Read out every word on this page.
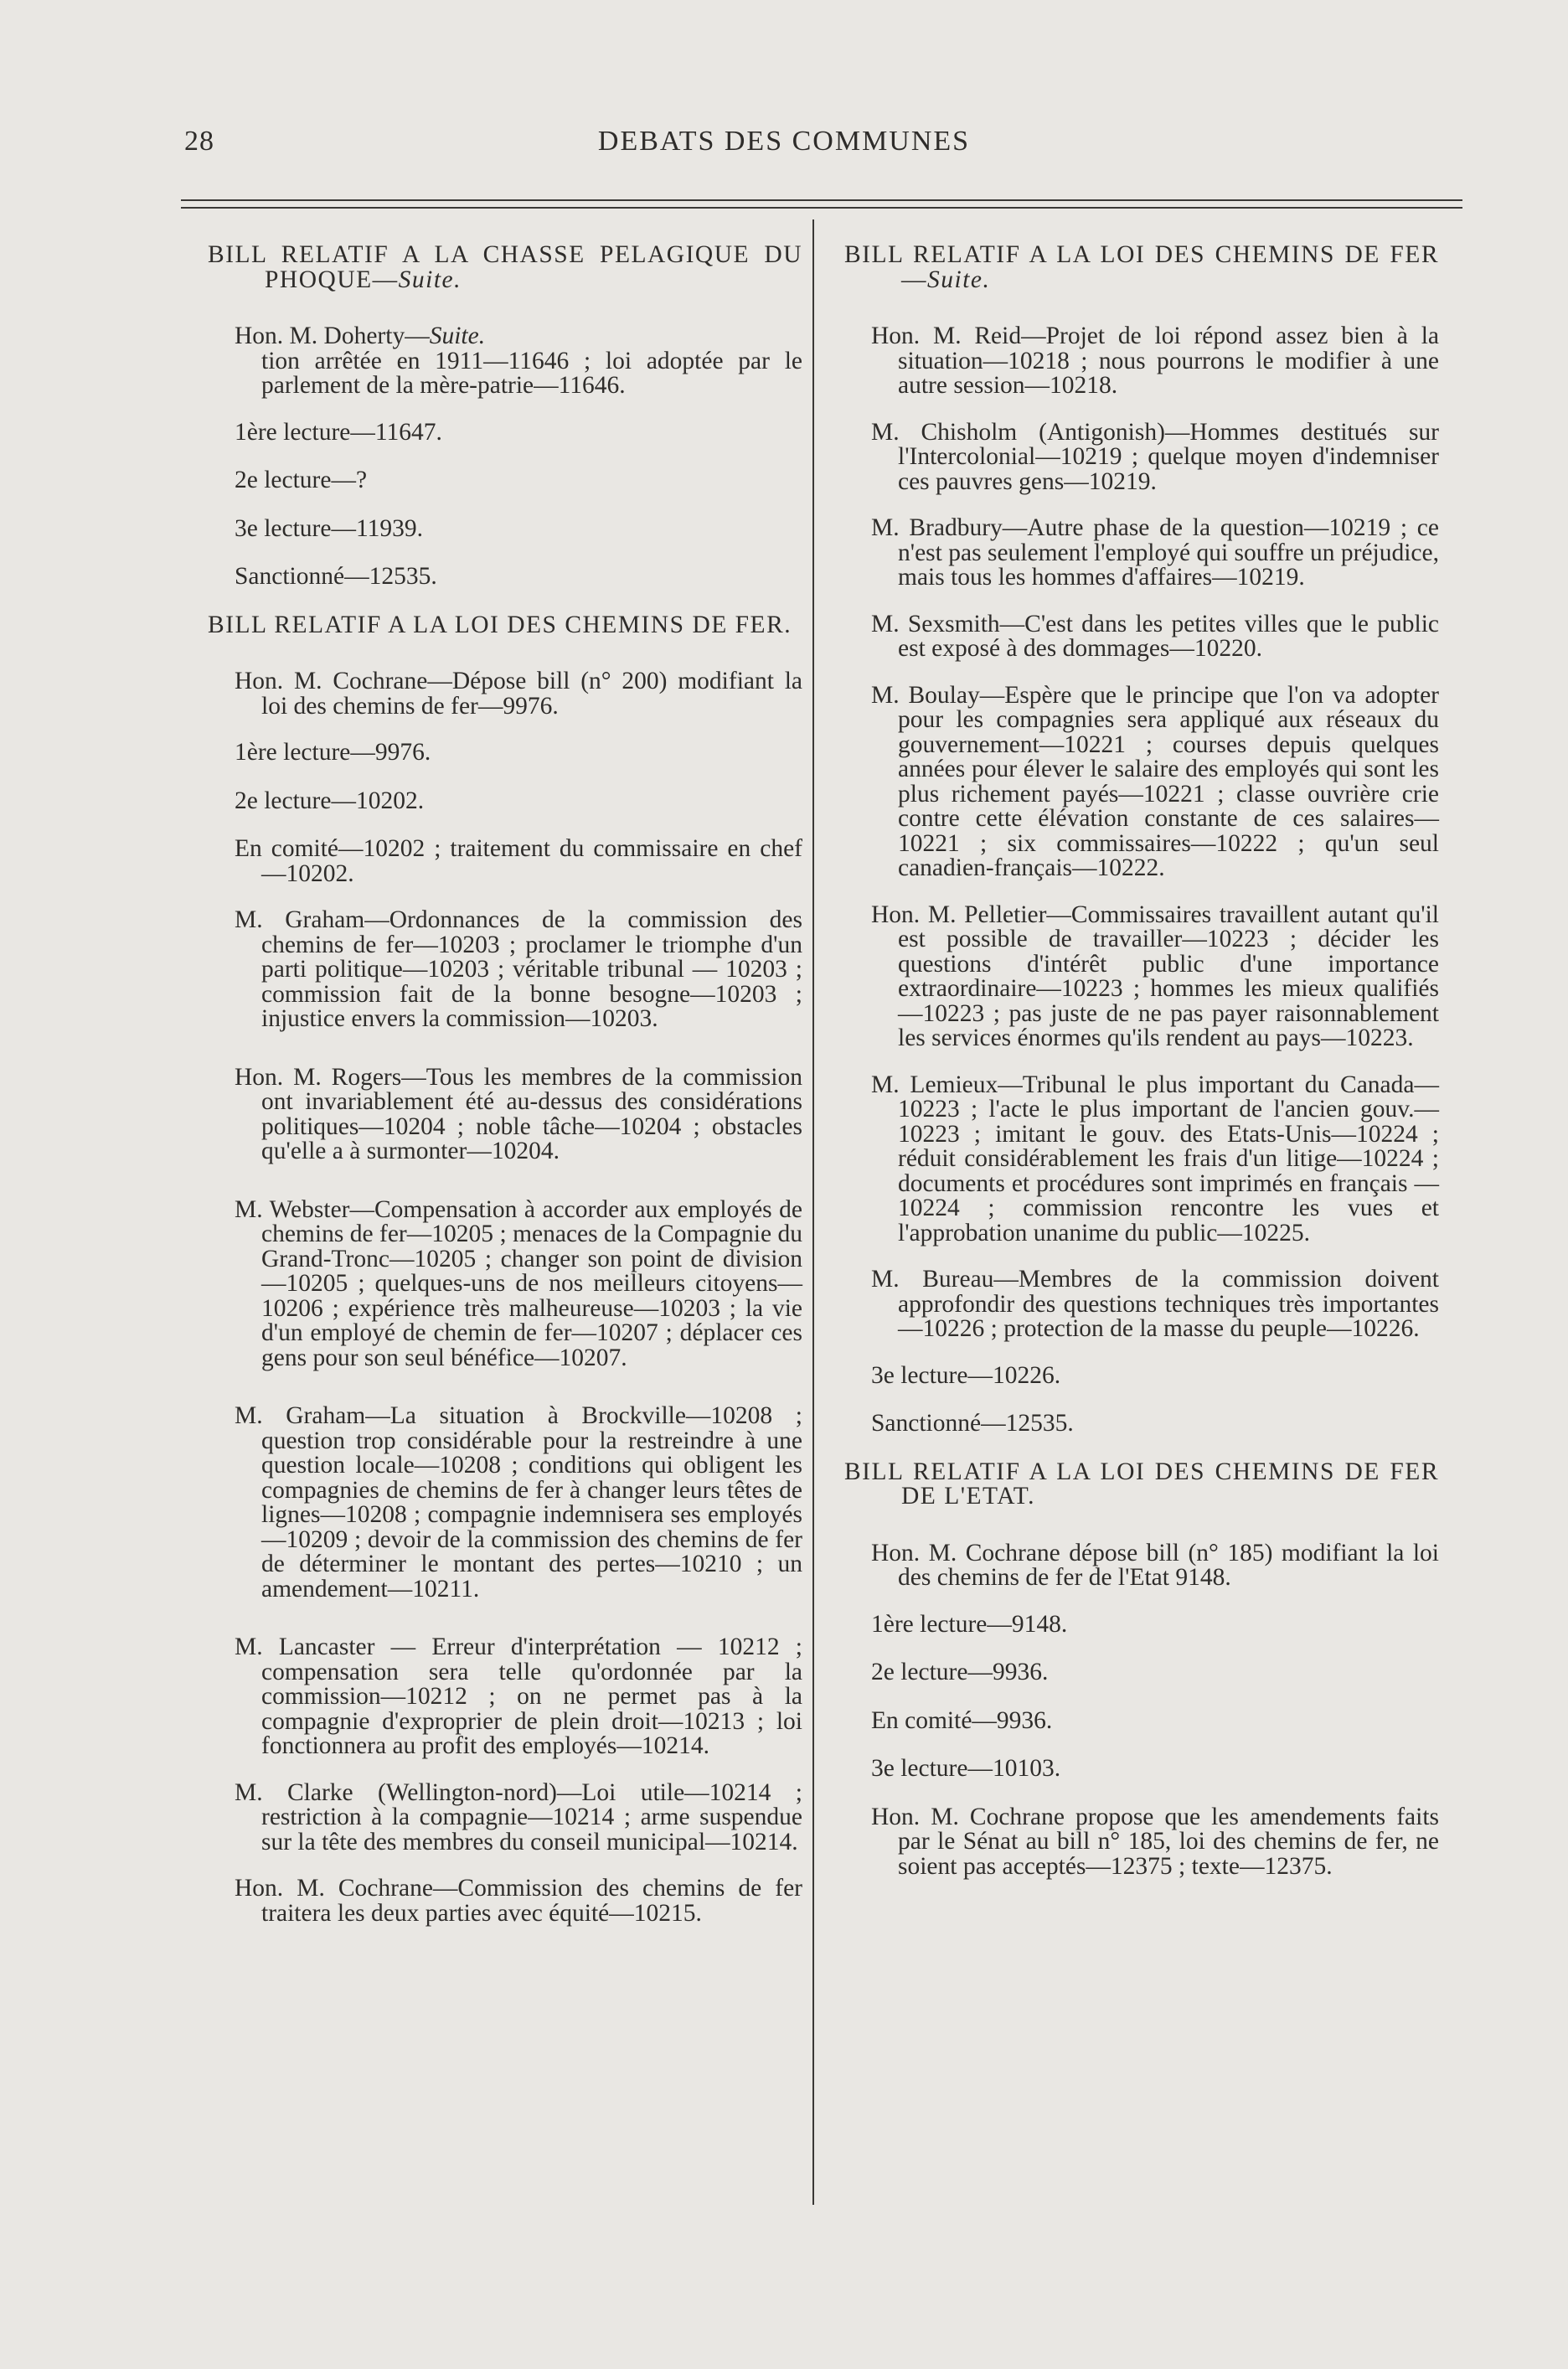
28	DEBATS DES COMMUNES

BILL RELATIF A LA CHASSE PELAGIQUE DU PHOQUE—Suite.

Hon. M. Doherty—Suite.
tion arrêtée en 1911—11646 ; loi adoptée par le parlement de la mère-patrie—11646.

1ère lecture—11647.

2e lecture—?

3e lecture—11939.

Sanctionné—12535.

BILL RELATIF A LA LOI DES CHEMINS DE FER.

Hon. M. Cochrane—Dépose bill (n° 200) modifiant la loi des chemins de fer—9976.

1ère lecture—9976.

2e lecture—10202.

En comité—10202 ; traitement du commissaire en chef—10202.

M. Graham—Ordonnances de la commission des chemins de fer—10203 ; proclamer le triomphe d'un parti politique—10203 ; véritable tribunal — 10203 ; commission fait de la bonne besogne—10203 ; injustice envers la commission—10203.

Hon. M. Rogers—Tous les membres de la commission ont invariablement été au-dessus des considérations politiques—10204 ; noble tâche—10204 ; obstacles qu'elle a à surmonter—10204.

M. Webster—Compensation à accorder aux employés de chemins de fer—10205 ; menaces de la Compagnie du Grand-Tronc—10205 ; changer son point de division—10205 ; quelques-uns de nos meilleurs citoyens—10206 ; expérience très malheureuse—10203 ; la vie d'un employé de chemin de fer—10207 ; déplacer ces gens pour son seul bénéfice—10207.

M. Graham—La situation à Brockville—10208 ; question trop considérable pour la restreindre à une question locale—10208 ; conditions qui obligent les compagnies de chemins de fer à changer leurs têtes de lignes—10208 ; compagnie indemnisera ses employés—10209 ; devoir de la commission des chemins de fer de déterminer le montant des pertes—10210 ; un amendement—10211.

M. Lancaster — Erreur d'interprétation — 10212 ; compensation sera telle qu'ordonnée par la commission—10212 ; on ne permet pas à la compagnie d'exproprier de plein droit—10213 ; loi fonctionnera au profit des employés—10214.

M. Clarke (Wellington-nord)—Loi utile—10214 ; restriction à la compagnie—10214 ; arme suspendue sur la tête des membres du conseil municipal—10214.

Hon. M. Cochrane—Commission des chemins de fer traitera les deux parties avec équité—10215.

BILL RELATIF A LA LOI DES CHEMINS DE FER—Suite.

Hon. M. Reid—Projet de loi répond assez bien à la situation—10218 ; nous pourrons le modifier à une autre session—10218.

M. Chisholm (Antigonish)—Hommes destitués sur l'Intercolonial—10219 ; quelque moyen d'indemniser ces pauvres gens—10219.

M. Bradbury—Autre phase de la question—10219 ; ce n'est pas seulement l'employé qui souffre un préjudice, mais tous les hommes d'affaires—10219.

M. Sexsmith—C'est dans les petites villes que le public est exposé à des dommages—10220.

M. Boulay—Espère que le principe que l'on va adopter pour les compagnies sera appliqué aux réseaux du gouvernement—10221 ; courses depuis quelques années pour élever le salaire des employés qui sont les plus richement payés—10221 ; classe ouvrière crie contre cette élévation constante de ces salaires—10221 ; six commissaires—10222 ; qu'un seul canadien-français—10222.

Hon. M. Pelletier—Commissaires travaillent autant qu'il est possible de travailler—10223 ; décider les questions d'intérêt public d'une importance extraordinaire—10223 ; hommes les mieux qualifiés—10223 ; pas juste de ne pas payer raisonnablement les services énormes qu'ils rendent au pays—10223.

M. Lemieux—Tribunal le plus important du Canada—10223 ; l'acte le plus important de l'ancien gouv.—10223 ; imitant le gouv. des Etats-Unis—10224 ; réduit considérablement les frais d'un litige—10224 ; documents et procédures sont imprimés en français —10224 ; commission rencontre les vues et l'approbation unanime du public—10225.

M. Bureau—Membres de la commission doivent approfondir des questions techniques très importantes—10226 ; protection de la masse du peuple—10226.

3e lecture—10226.

Sanctionné—12535.

BILL RELATIF A LA LOI DES CHEMINS DE FER DE L'ETAT.

Hon. M. Cochrane dépose bill (n° 185) modifiant la loi des chemins de fer de l'Etat 9148.

1ère lecture—9148.

2e lecture—9936.

En comité—9936.

3e lecture—10103.

Hon. M. Cochrane propose que les amendements faits par le Sénat au bill n° 185, loi des chemins de fer, ne soient pas acceptés—12375 ; texte—12375.
